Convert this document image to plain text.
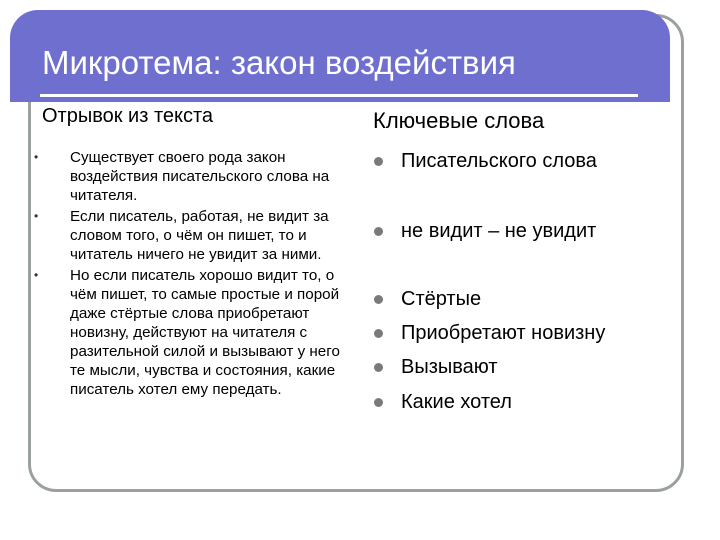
Микротема: закон воздействия
Отрывок из текста	Ключевые слова
• Существует своего рода закон воздействия писательского слова на читателя.
• Если писатель, работая, не видит за словом того, о чём он пишет, то и читатель ничего не увидит за ними.
• Но если писатель хорошо видит то, о чём пишет, то самые простые и порой даже стёртые слова приобретают новизну, действуют на читателя с разительной силой и вызывают у него те мысли, чувства и состояния, какие писатель хотел ему передать.
Писательского слова
не видит – не увидит
Стёртые
Приобретают новизну
Вызывают
Какие хотел
